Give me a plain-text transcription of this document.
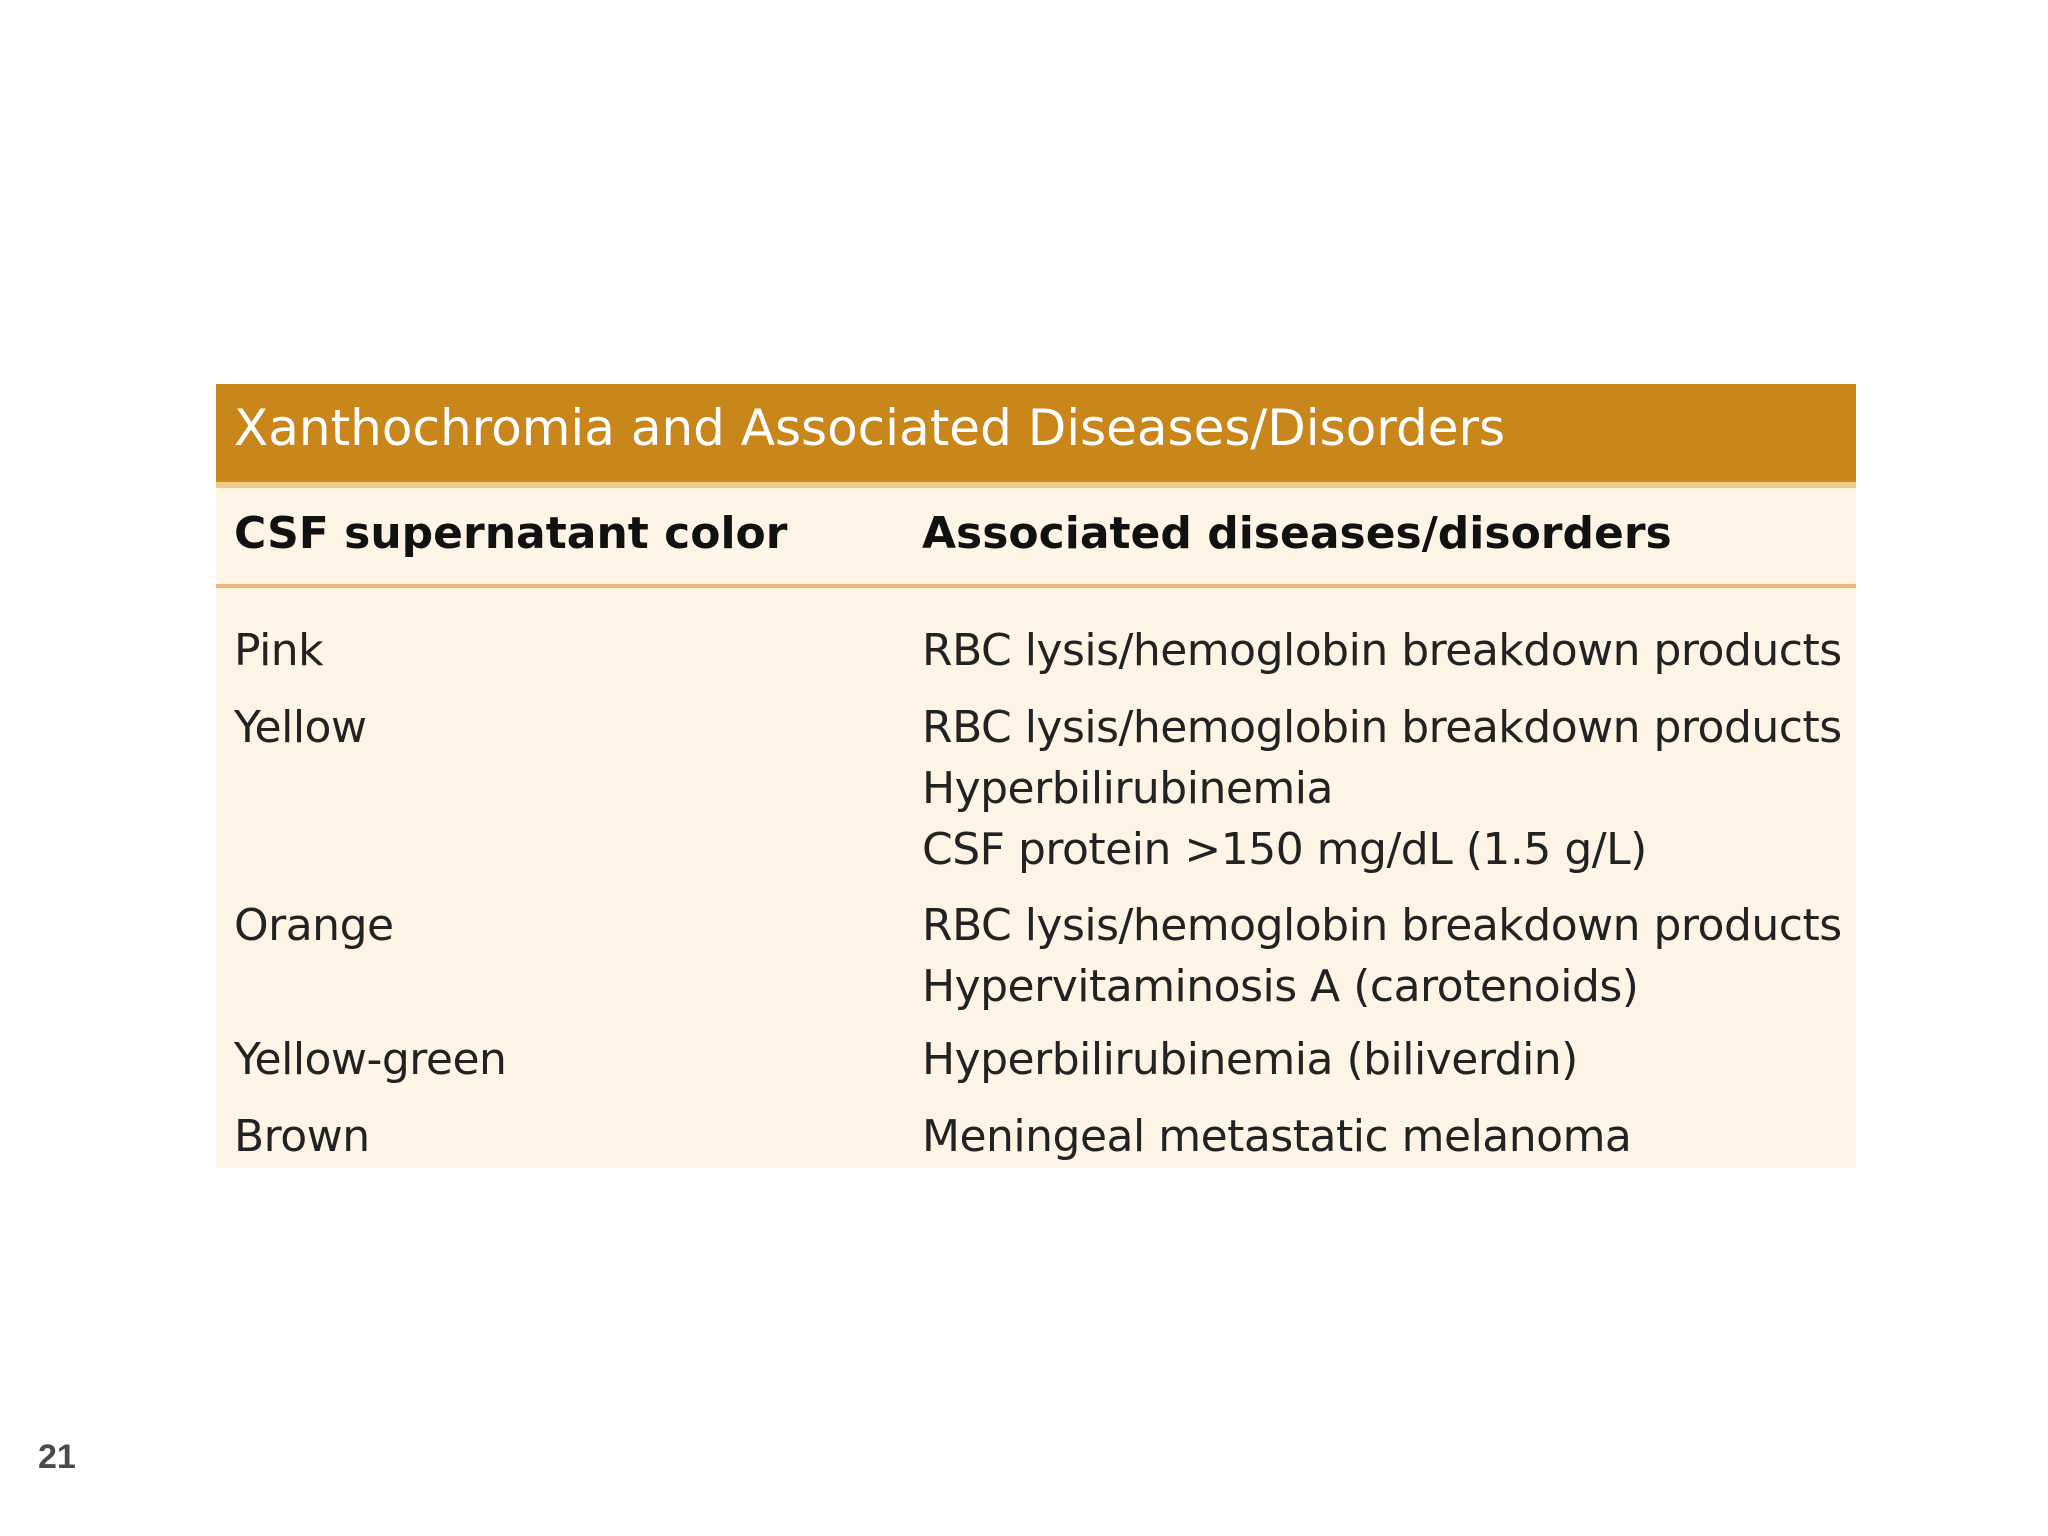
Xanthochromia and Associated Diseases/Disorders
CSF supernatant color	Associated diseases/disorders
Pink	RBC lysis/hemoglobin breakdown products
Yellow	RBC lysis/hemoglobin breakdown products
Hyperbilirubinemia
CSF protein >150 mg/dL (1.5 g/L)
Orange	RBC lysis/hemoglobin breakdown products
Hypervitaminosis A (carotenoids)
Yellow-green	Hyperbilirubinemia (biliverdin)
Brown	Meningeal metastatic melanoma
21
